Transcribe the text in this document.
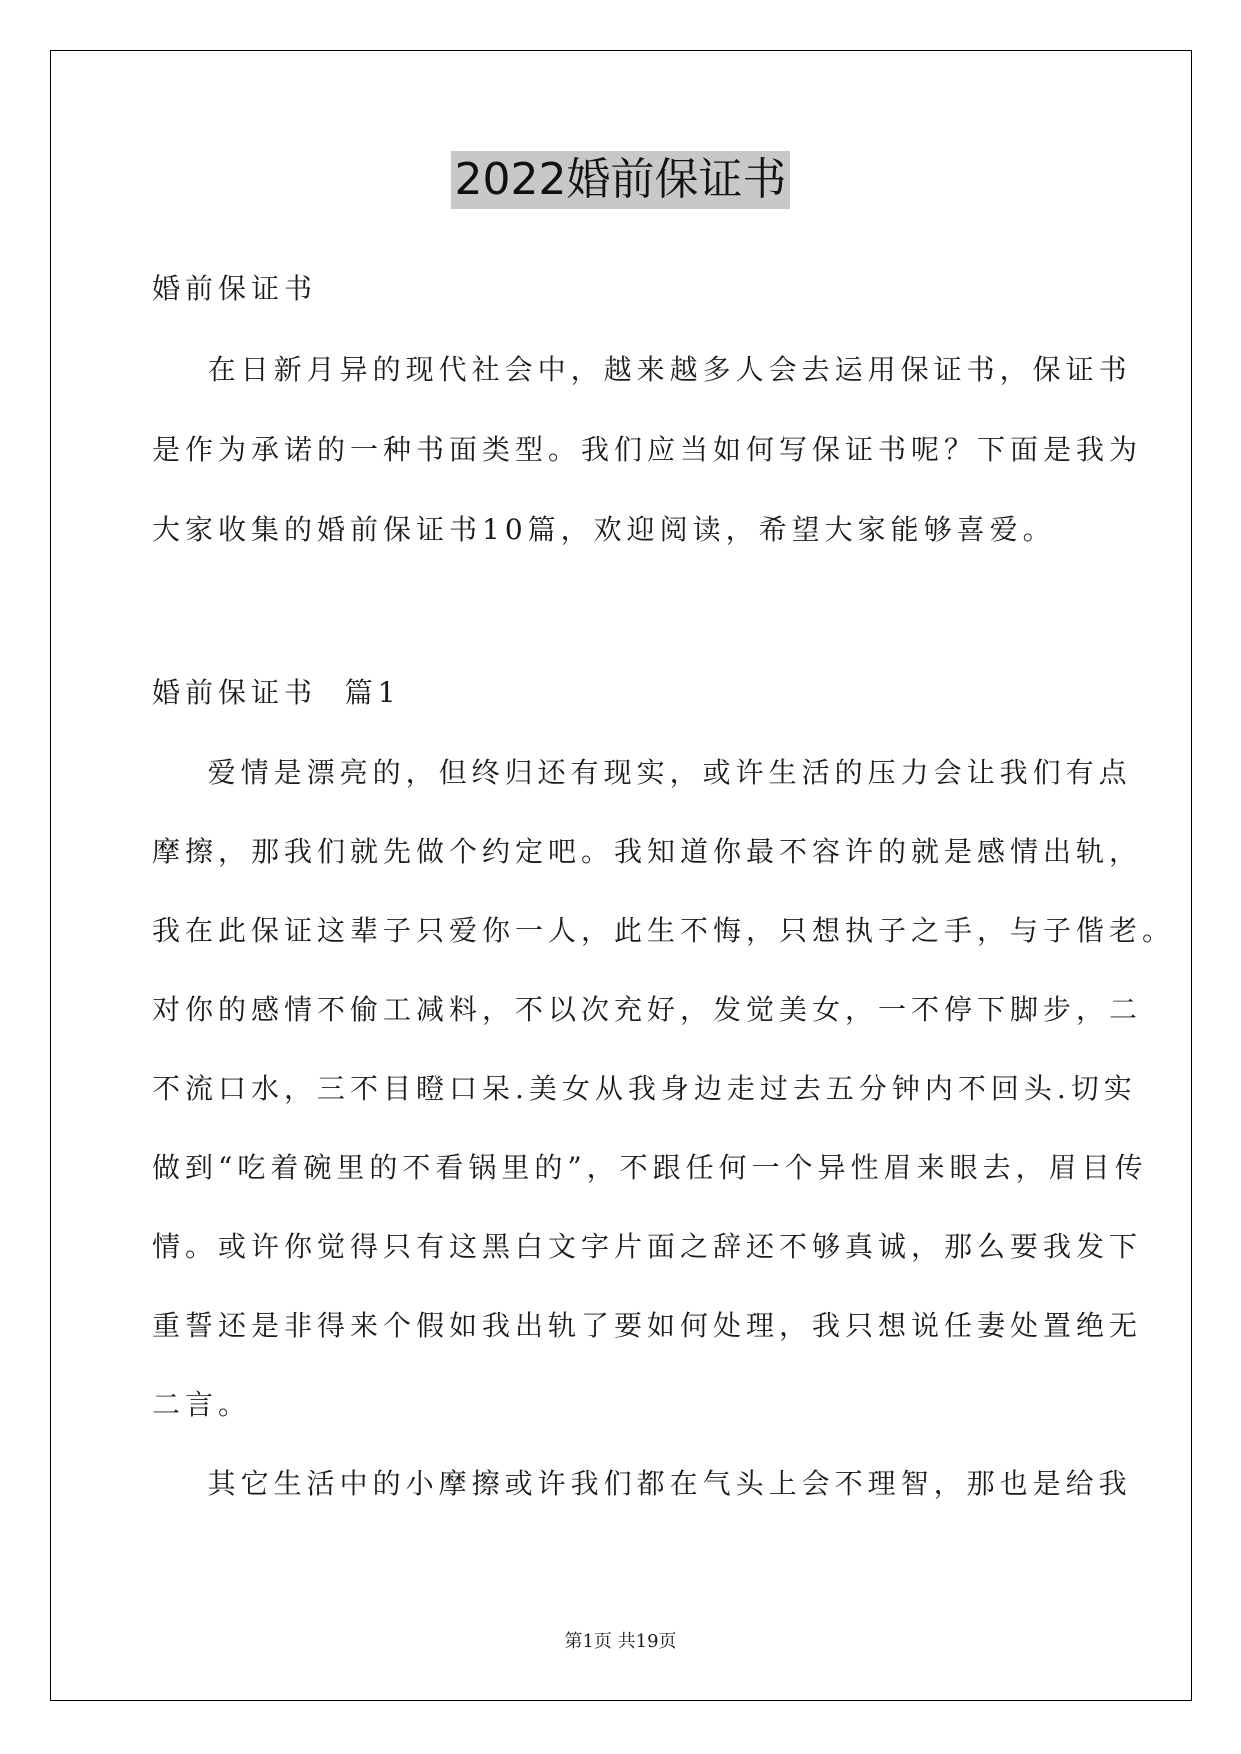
2022婚前保证书
婚前保证书
在日新月异的现代社会中，越来越多人会去运用保证书，保证书
是作为承诺的一种书面类型。我们应当如何写保证书呢？下面是我为
大家收集的婚前保证书10篇，欢迎阅读，希望大家能够喜爱。
婚前保证书  篇1
爱情是漂亮的，但终归还有现实，或许生活的压力会让我们有点
摩擦，那我们就先做个约定吧。我知道你最不容许的就是感情出轨，
我在此保证这辈子只爱你一人，此生不悔，只想执子之手，与子偕老。
对你的感情不偷工减料，不以次充好，发觉美女，一不停下脚步，二
不流口水，三不目瞪口呆.美女从我身边走过去五分钟内不回头.切实
做到“吃着碗里的不看锅里的”，不跟任何一个异性眉来眼去，眉目传
情。或许你觉得只有这黑白文字片面之辞还不够真诚，那么要我发下
重誓还是非得来个假如我出轨了要如何处理，我只想说任妻处置绝无
二言。
其它生活中的小摩擦或许我们都在气头上会不理智，那也是给我
第1页 共19页
